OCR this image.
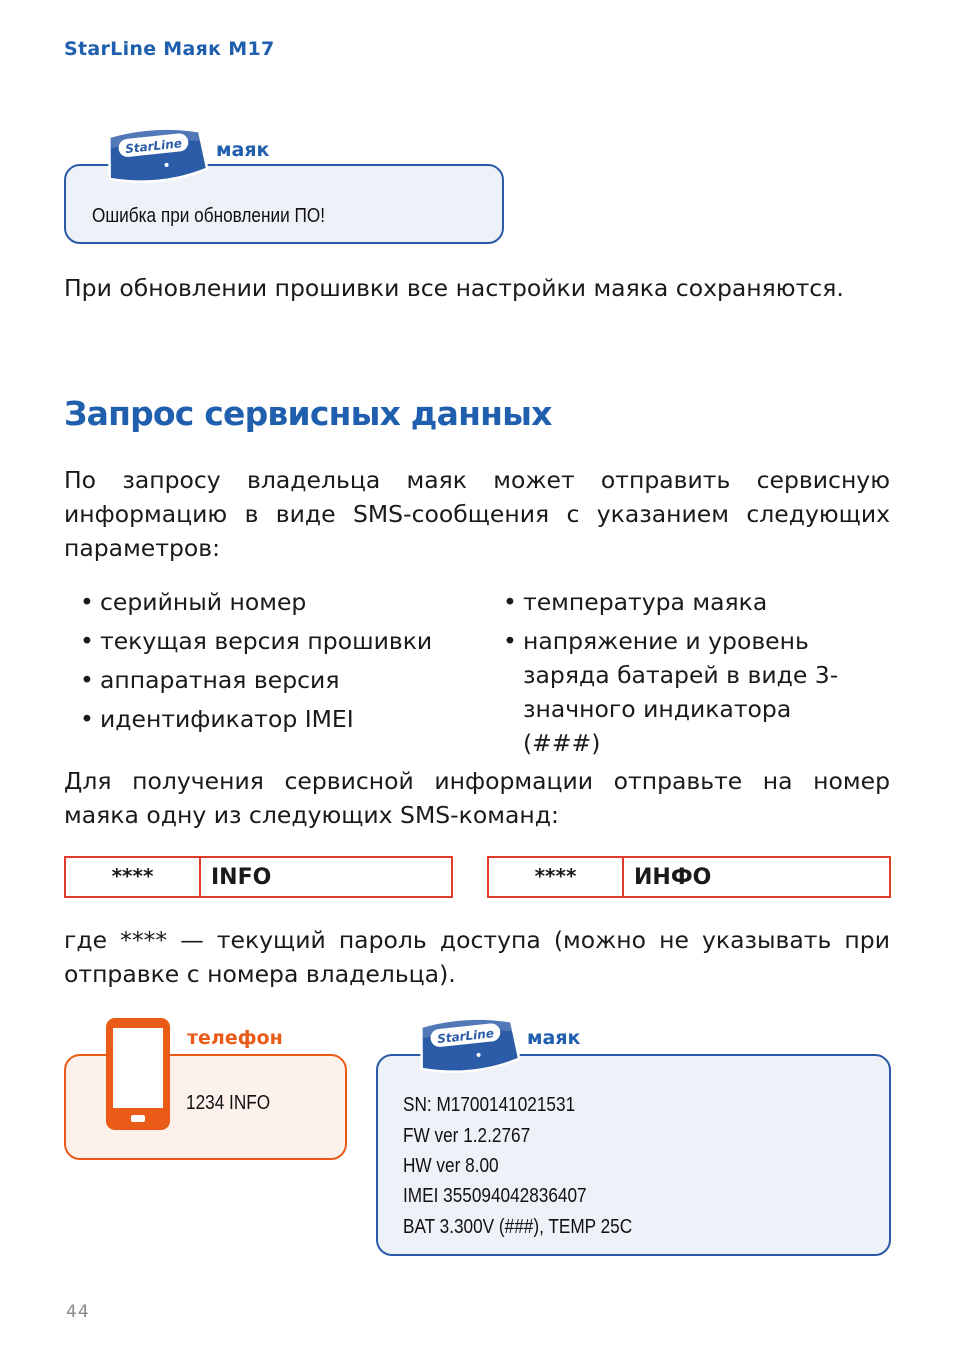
StarLine Маяк M17
StarLine маяк
Ошибка при обновлении ПО!
При обновлении прошивки все настройки маяка сохраняются.
Запрос сервисных данных
По запросу владельца маяк может отправить сервисную информацию в виде SMS-сообщения с указанием следующих параметров:
• серийный номер
• текущая версия прошивки
• аппаратная версия
• идентификатор IMEI
• температура маяка
• напряжение и уровень заряда батарей в виде 3-значного индикатора (###)
Для получения сервисной информации отправьте на номер маяка одну из следующих SMS-команд:
****	INFO	****	ИНФО
где **** — текущий пароль доступа (можно не указывать при отправке с номера владельца).
телефон
1234 INFO
StarLine маяк
SN: M1700141021531
FW ver 1.2.2767
HW ver 8.00
IMEI 355094042836407
BAT 3.300V (###), TEMP 25C
44
